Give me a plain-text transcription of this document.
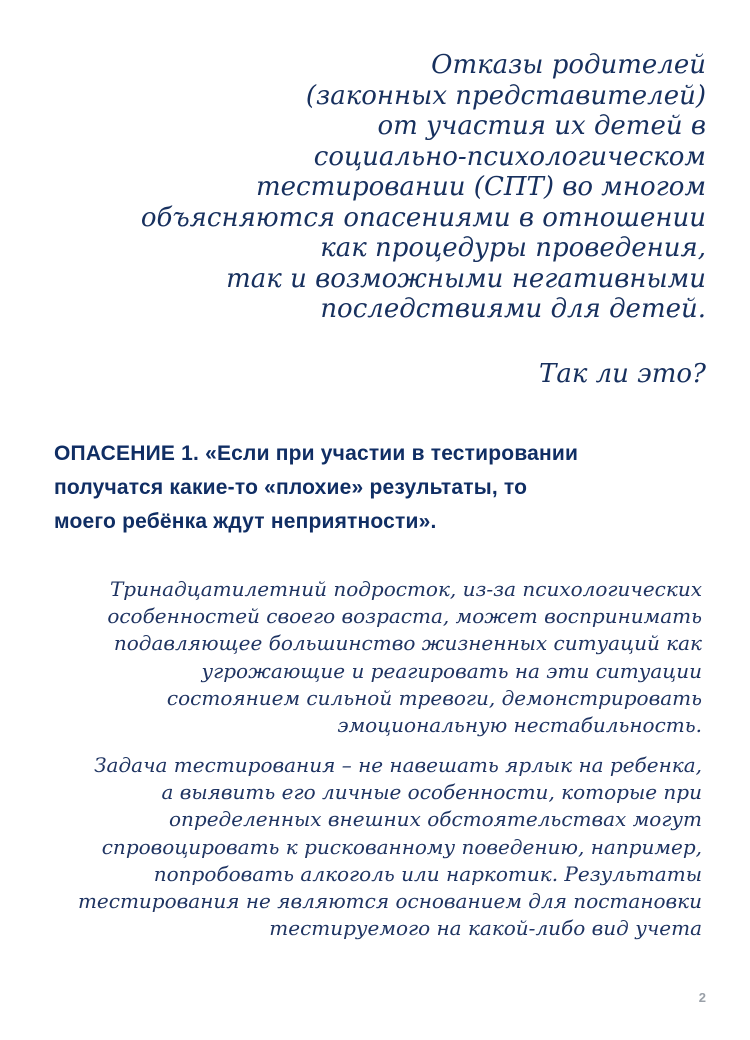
Отказы родителей
(законных представителей)
от участия их детей в
социально-психологическом
тестировании (СПТ) во многом
объясняются опасениями в отношении
как процедуры проведения,
так и возможными негативными
последствиями для детей.
Так ли это?
ОПАСЕНИЕ 1. «Если при участии в тестировании
получатся какие-то «плохие» результаты, то
моего ребёнка ждут неприятности».
Тринадцатилетний подросток, из-за психологических
особенностей своего возраста, может воспринимать
подавляющее большинство жизненных ситуаций как
угрожающие и реагировать на эти ситуации
состоянием сильной тревоги, демонстрировать
эмоциональную нестабильность.
Задача тестирования – не навешать ярлык на ребенка,
а выявить его личные особенности, которые при
определенных внешних обстоятельствах могут
спровоцировать к рискованному поведению, например,
попробовать алкоголь или наркотик. Результаты
тестирования не являются основанием для постановки
тестируемого на какой-либо вид учета
2
